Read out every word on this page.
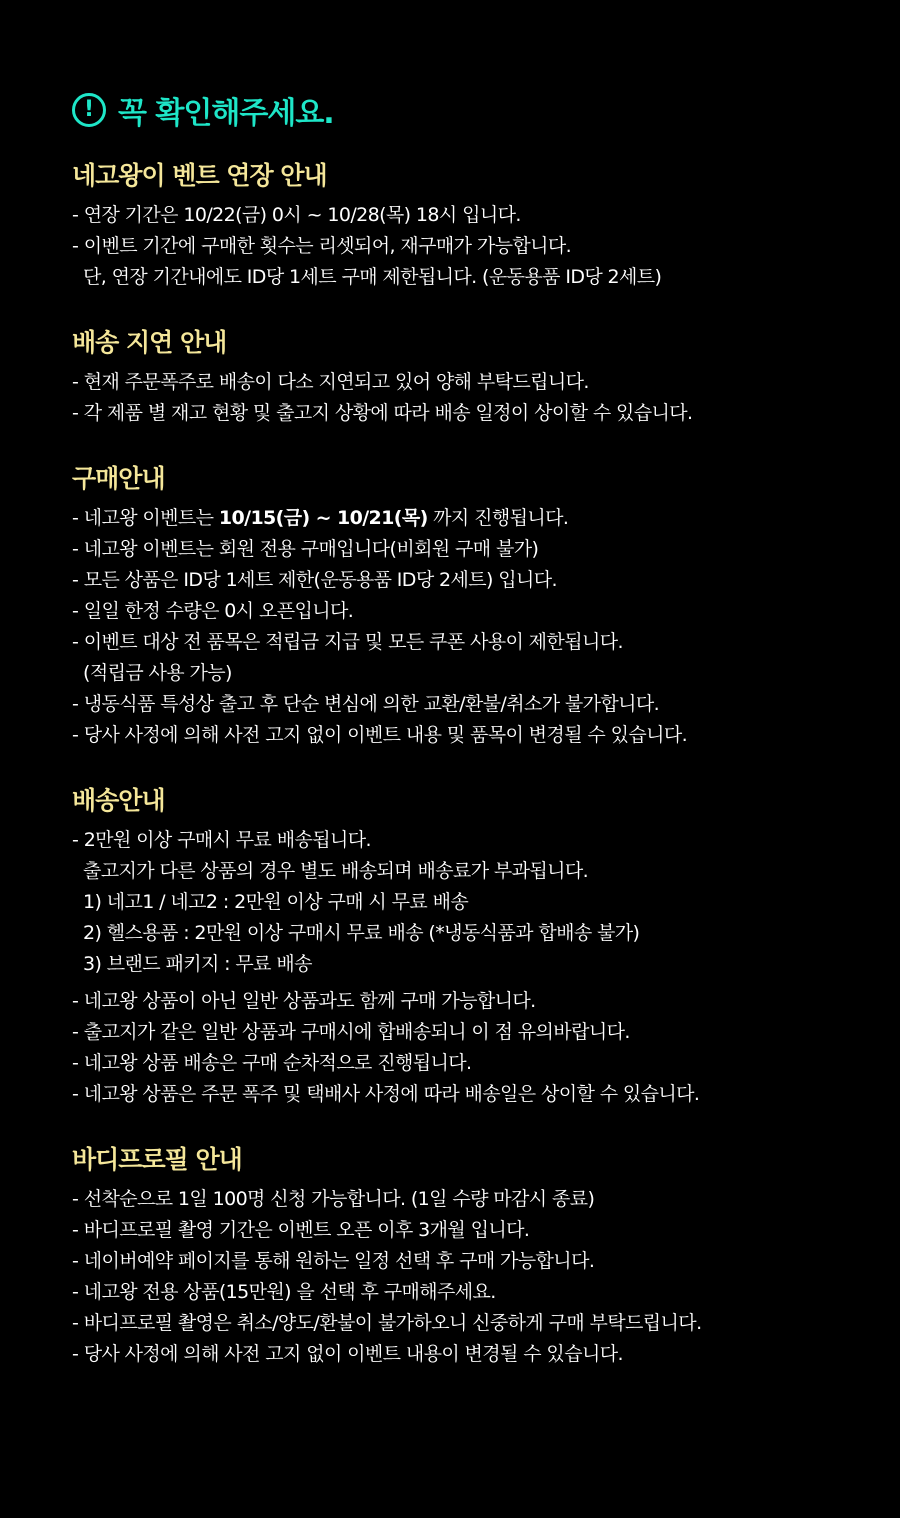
! 꼭 확인해주세요.
네고왕이 벤트 연장 안내
- 연장 기간은 10/22(금) 0시 ~ 10/28(목) 18시 입니다.
- 이벤트 기간에 구매한 횟수는 리셋되어, 재구매가 가능합니다.
단, 연장 기간내에도 ID당 1세트 구매 제한됩니다. (운동용품 ID당 2세트)
배송 지연 안내
- 현재 주문폭주로 배송이 다소 지연되고 있어 양해 부탁드립니다.
- 각 제품 별 재고 현황 및 출고지 상황에 따라 배송 일정이 상이할 수 있습니다.
구매안내
- 네고왕 이벤트는 10/15(금) ~ 10/21(목) 까지 진행됩니다.
- 네고왕 이벤트는 회원 전용 구매입니다(비회원 구매 불가)
- 모든 상품은 ID당 1세트 제한(운동용품 ID당 2세트) 입니다.
- 일일 한정 수량은 0시 오픈입니다.
- 이벤트 대상 전 품목은 적립금 지급 및 모든 쿠폰 사용이 제한됩니다.
(적립금 사용 가능)
- 냉동식품 특성상 출고 후 단순 변심에 의한 교환/환불/취소가 불가합니다.
- 당사 사정에 의해 사전 고지 없이 이벤트 내용 및 품목이 변경될 수 있습니다.
배송안내
- 2만원 이상 구매시 무료 배송됩니다.
출고지가 다른 상품의 경우 별도 배송되며 배송료가 부과됩니다.
1) 네고1 / 네고2 : 2만원 이상 구매 시 무료 배송
2) 헬스용품 : 2만원 이상 구매시 무료 배송 (*냉동식품과 합배송 불가)
3) 브랜드 패키지 : 무료 배송
- 네고왕 상품이 아닌 일반 상품과도 함께 구매 가능합니다.
- 출고지가 같은 일반 상품과 구매시에 합배송되니 이 점 유의바랍니다.
- 네고왕 상품 배송은 구매 순차적으로 진행됩니다.
- 네고왕 상품은 주문 폭주 및 택배사 사정에 따라 배송일은 상이할 수 있습니다.
바디프로필 안내
- 선착순으로 1일 100명 신청 가능합니다. (1일 수량 마감시 종료)
- 바디프로필 촬영 기간은 이벤트 오픈 이후 3개월 입니다.
- 네이버예약 페이지를 통해 원하는 일정 선택 후 구매 가능합니다.
- 네고왕 전용 상품(15만원) 을 선택 후 구매해주세요.
- 바디프로필 촬영은 취소/양도/환불이 불가하오니 신중하게 구매 부탁드립니다.
- 당사 사정에 의해 사전 고지 없이 이벤트 내용이 변경될 수 있습니다.
